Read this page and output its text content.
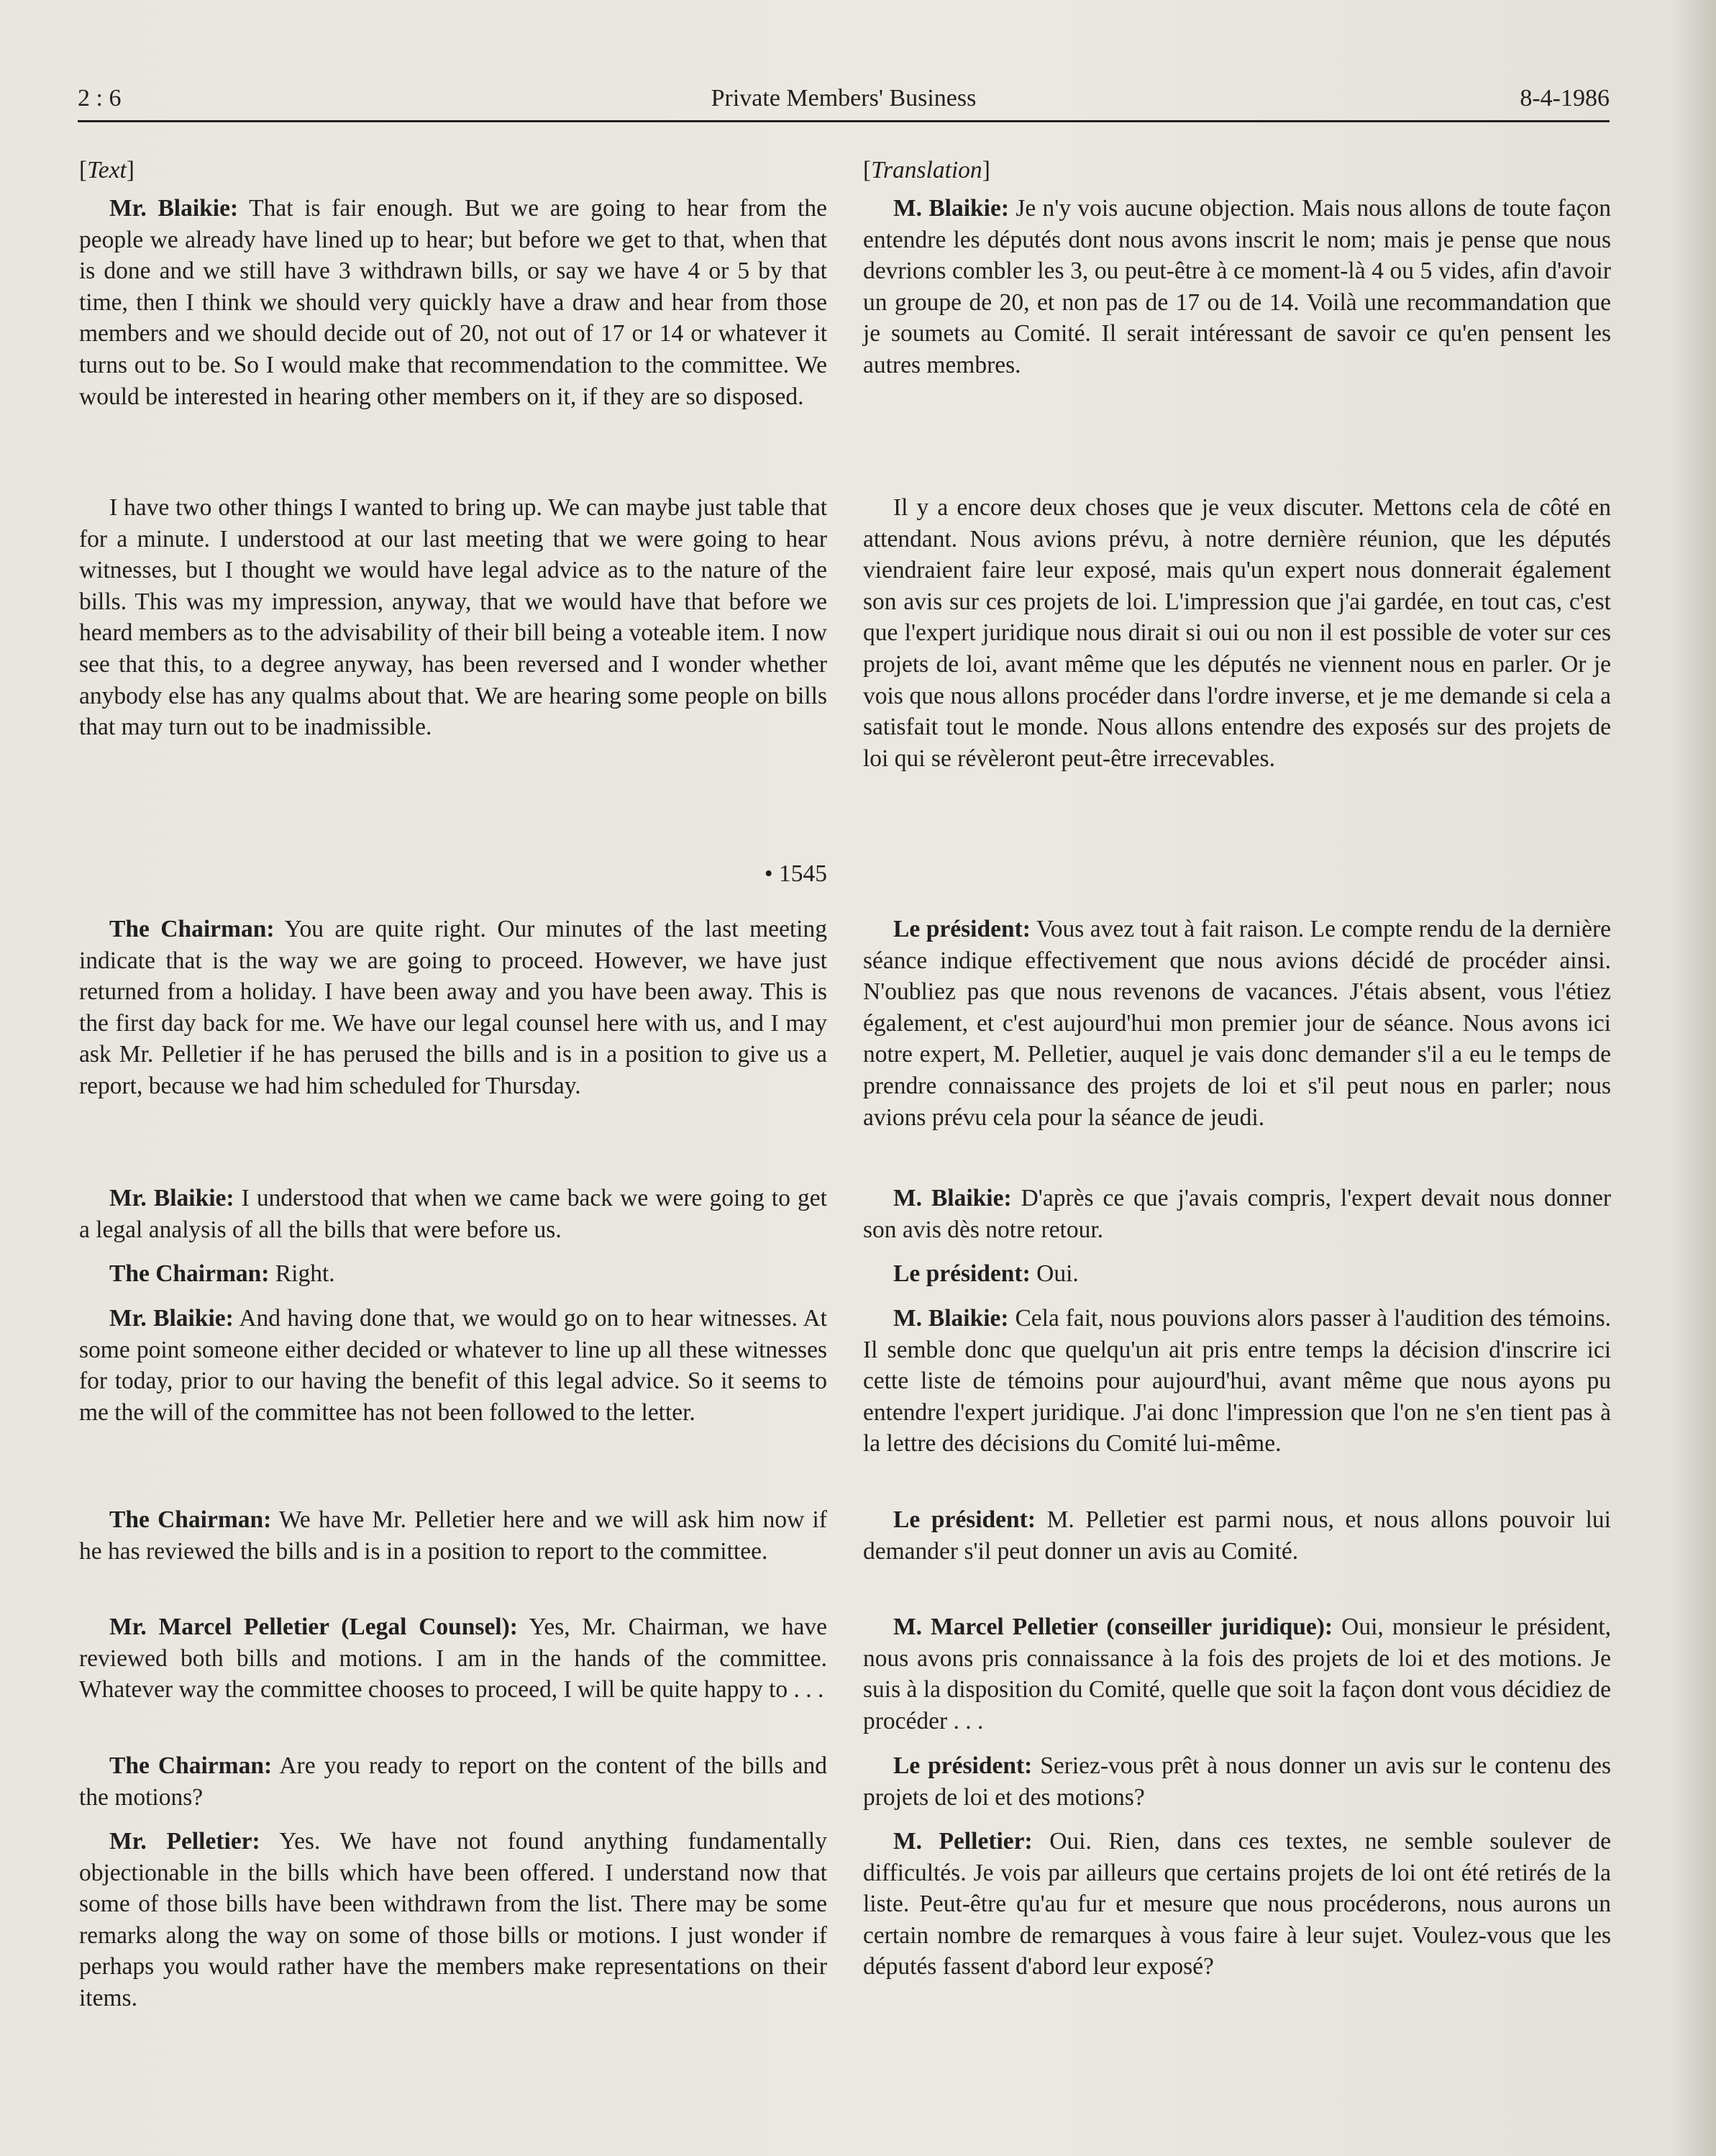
2 : 6	Private Members' Business	8-4-1986

[Text]

Mr. Blaikie: That is fair enough. But we are going to hear from the people we already have lined up to hear; but before we get to that, when that is done and we still have 3 withdrawn bills, or say we have 4 or 5 by that time, then I think we should very quickly have a draw and hear from those members and we should decide out of 20, not out of 17 or 14 or whatever it turns out to be. So I would make that recommendation to the committee. We would be interested in hearing other members on it, if they are so disposed.

I have two other things I wanted to bring up. We can maybe just table that for a minute. I understood at our last meeting that we were going to hear witnesses, but I thought we would have legal advice as to the nature of the bills. This was my impression, anyway, that we would have that before we heard members as to the advisability of their bill being a voteable item. I now see that this, to a degree anyway, has been reversed and I wonder whether anybody else has any qualms about that. We are hearing some people on bills that may turn out to be inadmissible.

• 1545

The Chairman: You are quite right. Our minutes of the last meeting indicate that is the way we are going to proceed. However, we have just returned from a holiday. I have been away and you have been away. This is the first day back for me. We have our legal counsel here with us, and I may ask Mr. Pelletier if he has perused the bills and is in a position to give us a report, because we had him scheduled for Thursday.

Mr. Blaikie: I understood that when we came back we were going to get a legal analysis of all the bills that were before us.

The Chairman: Right.

Mr. Blaikie: And having done that, we would go on to hear witnesses. At some point someone either decided or whatever to line up all these witnesses for today, prior to our having the benefit of this legal advice. So it seems to me the will of the committee has not been followed to the letter.

The Chairman: We have Mr. Pelletier here and we will ask him now if he has reviewed the bills and is in a position to report to the committee.

Mr. Marcel Pelletier (Legal Counsel): Yes, Mr. Chairman, we have reviewed both bills and motions. I am in the hands of the committee. Whatever way the committee chooses to proceed, I will be quite happy to . . .

The Chairman: Are you ready to report on the content of the bills and the motions?

Mr. Pelletier: Yes. We have not found anything fundamentally objectionable in the bills which have been offered. I understand now that some of those bills have been withdrawn from the list. There may be some remarks along the way on some of those bills or motions. I just wonder if perhaps you would rather have the members make representations on their items.

[Translation]

M. Blaikie: Je n'y vois aucune objection. Mais nous allons de toute façon entendre les députés dont nous avons inscrit le nom; mais je pense que nous devrions combler les 3, ou peut-être à ce moment-là 4 ou 5 vides, afin d'avoir un groupe de 20, et non pas de 17 ou de 14. Voilà une recommandation que je soumets au Comité. Il serait intéressant de savoir ce qu'en pensent les autres membres.

Il y a encore deux choses que je veux discuter. Mettons cela de côté en attendant. Nous avions prévu, à notre dernière réunion, que les députés viendraient faire leur exposé, mais qu'un expert nous donnerait également son avis sur ces projets de loi. L'impression que j'ai gardée, en tout cas, c'est que l'expert juridique nous dirait si oui ou non il est possible de voter sur ces projets de loi, avant même que les députés ne viennent nous en parler. Or je vois que nous allons procéder dans l'ordre inverse, et je me demande si cela a satisfait tout le monde. Nous allons entendre des exposés sur des projets de loi qui se révèleront peut-être irrecevables.

Le président: Vous avez tout à fait raison. Le compte rendu de la dernière séance indique effectivement que nous avions décidé de procéder ainsi. N'oubliez pas que nous revenons de vacances. J'étais absent, vous l'étiez également, et c'est aujourd'hui mon premier jour de séance. Nous avons ici notre expert, M. Pelletier, auquel je vais donc demander s'il a eu le temps de prendre connaissance des projets de loi et s'il peut nous en parler; nous avions prévu cela pour la séance de jeudi.

M. Blaikie: D'après ce que j'avais compris, l'expert devait nous donner son avis dès notre retour.

Le président: Oui.

M. Blaikie: Cela fait, nous pouvions alors passer à l'audition des témoins. Il semble donc que quelqu'un ait pris entre temps la décision d'inscrire ici cette liste de témoins pour aujourd'hui, avant même que nous ayons pu entendre l'expert juridique. J'ai donc l'impression que l'on ne s'en tient pas à la lettre des décisions du Comité lui-même.

Le président: M. Pelletier est parmi nous, et nous allons pouvoir lui demander s'il peut donner un avis au Comité.

M. Marcel Pelletier (conseiller juridique): Oui, monsieur le président, nous avons pris connaissance à la fois des projets de loi et des motions. Je suis à la disposition du Comité, quelle que soit la façon dont vous décidiez de procéder . . .

Le président: Seriez-vous prêt à nous donner un avis sur le contenu des projets de loi et des motions?

M. Pelletier: Oui. Rien, dans ces textes, ne semble soulever de difficultés. Je vois par ailleurs que certains projets de loi ont été retirés de la liste. Peut-être qu'au fur et mesure que nous procéderons, nous aurons un certain nombre de remarques à vous faire à leur sujet. Voulez-vous que les députés fassent d'abord leur exposé?
